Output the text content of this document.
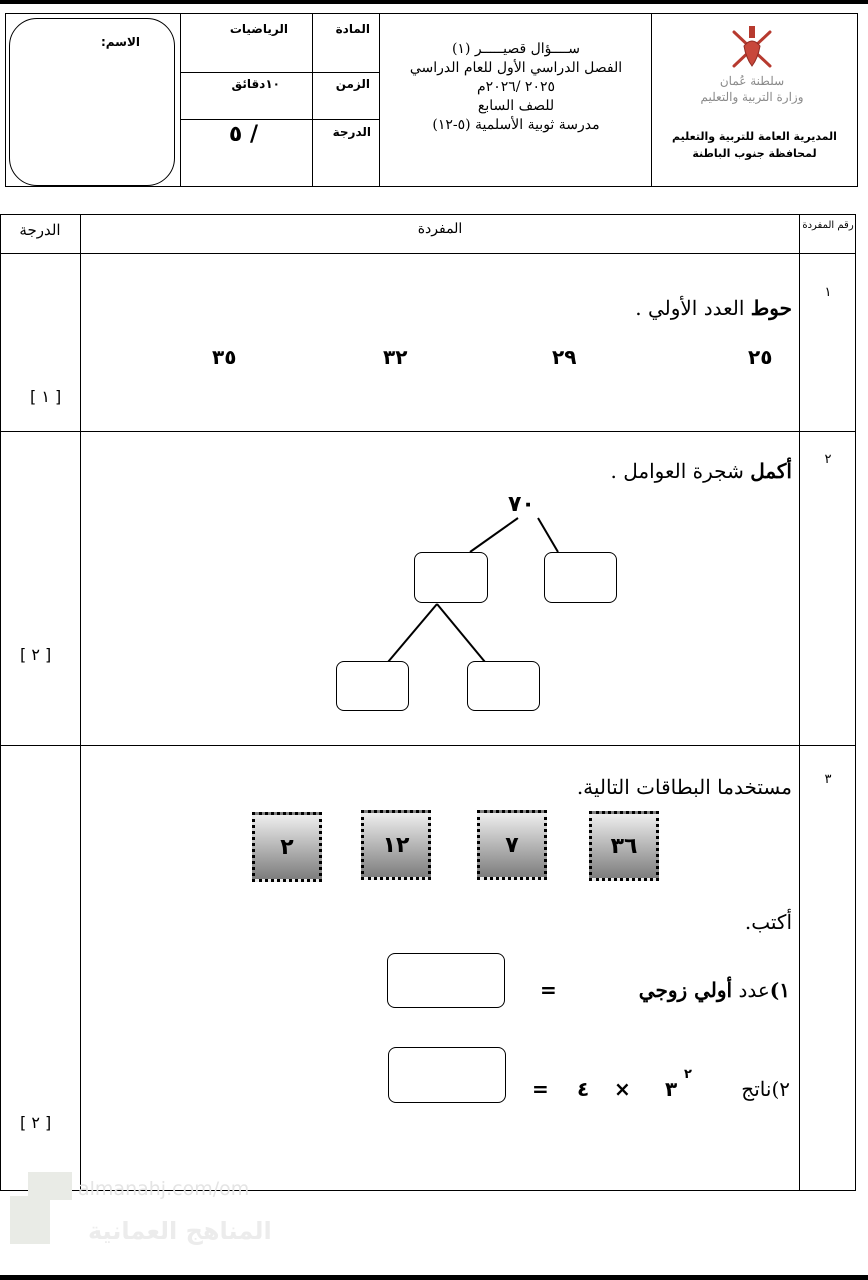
الاسم:
المادة
الرياضيات
الزمن
١٠دقائق
الدرجة
/ ٥
ســــؤال قصيـــــر (١)
الفصل الدراسي الأول للعام الدراسي
٢٠٢٥ /٢٠٢٦م
للصف السابع
مدرسة ثوبية الأسلمية (٥-١٢)
سلطنة عُمان
وزارة التربية والتعليم
المديرية العامة للتربية والتعليم
لمحافظة جنوب الباطنة
الدرجة	المفردة	رقم المفردة
١
حوط العدد الأولي .
٢٥
٢٩
٣٢
٣٥
[ ١ ]
٢
أكمل شجرة العوامل .
٧٠
[ ٢ ]
٣
مستخدما البطاقات التالية.
٣٦
٧
١٢
٢
أكتب.
١)عدد أولي زوجي
=
٢)ناتج
٣
٢
×
٤
=
[ ٢ ]
almanahj.com/om
المناهج العمانية
